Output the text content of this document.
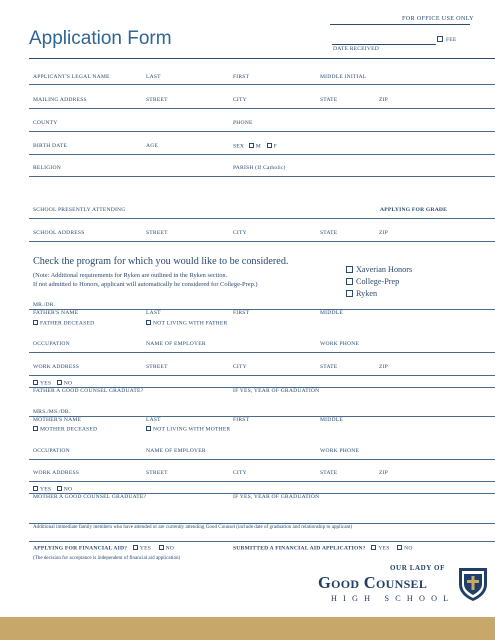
Application Form
FOR OFFICE USE ONLY
DATE RECEIVED
FEE
APPLICANT'S LEGAL NAME	LAST	FIRST	MIDDLE INITIAL
MAILING ADDRESS	STREET	CITY	STATE	ZIP
COUNTY	PHONE
BIRTH DATE	AGE	SEX M F
RELIGION	PARISH (If Catholic)
SCHOOL PRESENTLY ATTENDING	APPLYING FOR GRADE
SCHOOL ADDRESS	STREET	CITY	STATE	ZIP
Check the program for which you would like to be considered.
(Note: Additional requirements for Ryken are outlined in the Ryken section.
If not admitted to Honors, applicant will automatically be considered for College-Prep.)
Xaverian Honors
College-Prep
Ryken
MR./DR.
FATHER'S NAME	LAST	FIRST	MIDDLE
FATHER DECEASED	NOT LIVING WITH FATHER
OCCUPATION	NAME OF EMPLOYER	WORK PHONE
WORK ADDRESS	STREET	CITY	STATE	ZIP
YES NO
FATHER A GOOD COUNSEL GRADUATE?	IF YES, YEAR OF GRADUATION
MRS./MS./DR.
MOTHER'S NAME	LAST	FIRST	MIDDLE
MOTHER DECEASED	NOT LIVING WITH MOTHER
OCCUPATION	NAME OF EMPLOYER	WORK PHONE
WORK ADDRESS	STREET	CITY	STATE	ZIP
YES NO
MOTHER A GOOD COUNSEL GRADUATE?	IF YES, YEAR OF GRADUATION
Additional immediate family members who have attended or are currently attending Good Counsel (include date of graduation and relationship to applicant)
APPLYING FOR FINANCIAL AID? YES	NO	SUBMITTED A FINANCIAL AID APPLICATION? YES	NO
(The decision for acceptance is independent of financial aid application)
OUR LADY OF
Good Counsel
HIGH SCHOOL
